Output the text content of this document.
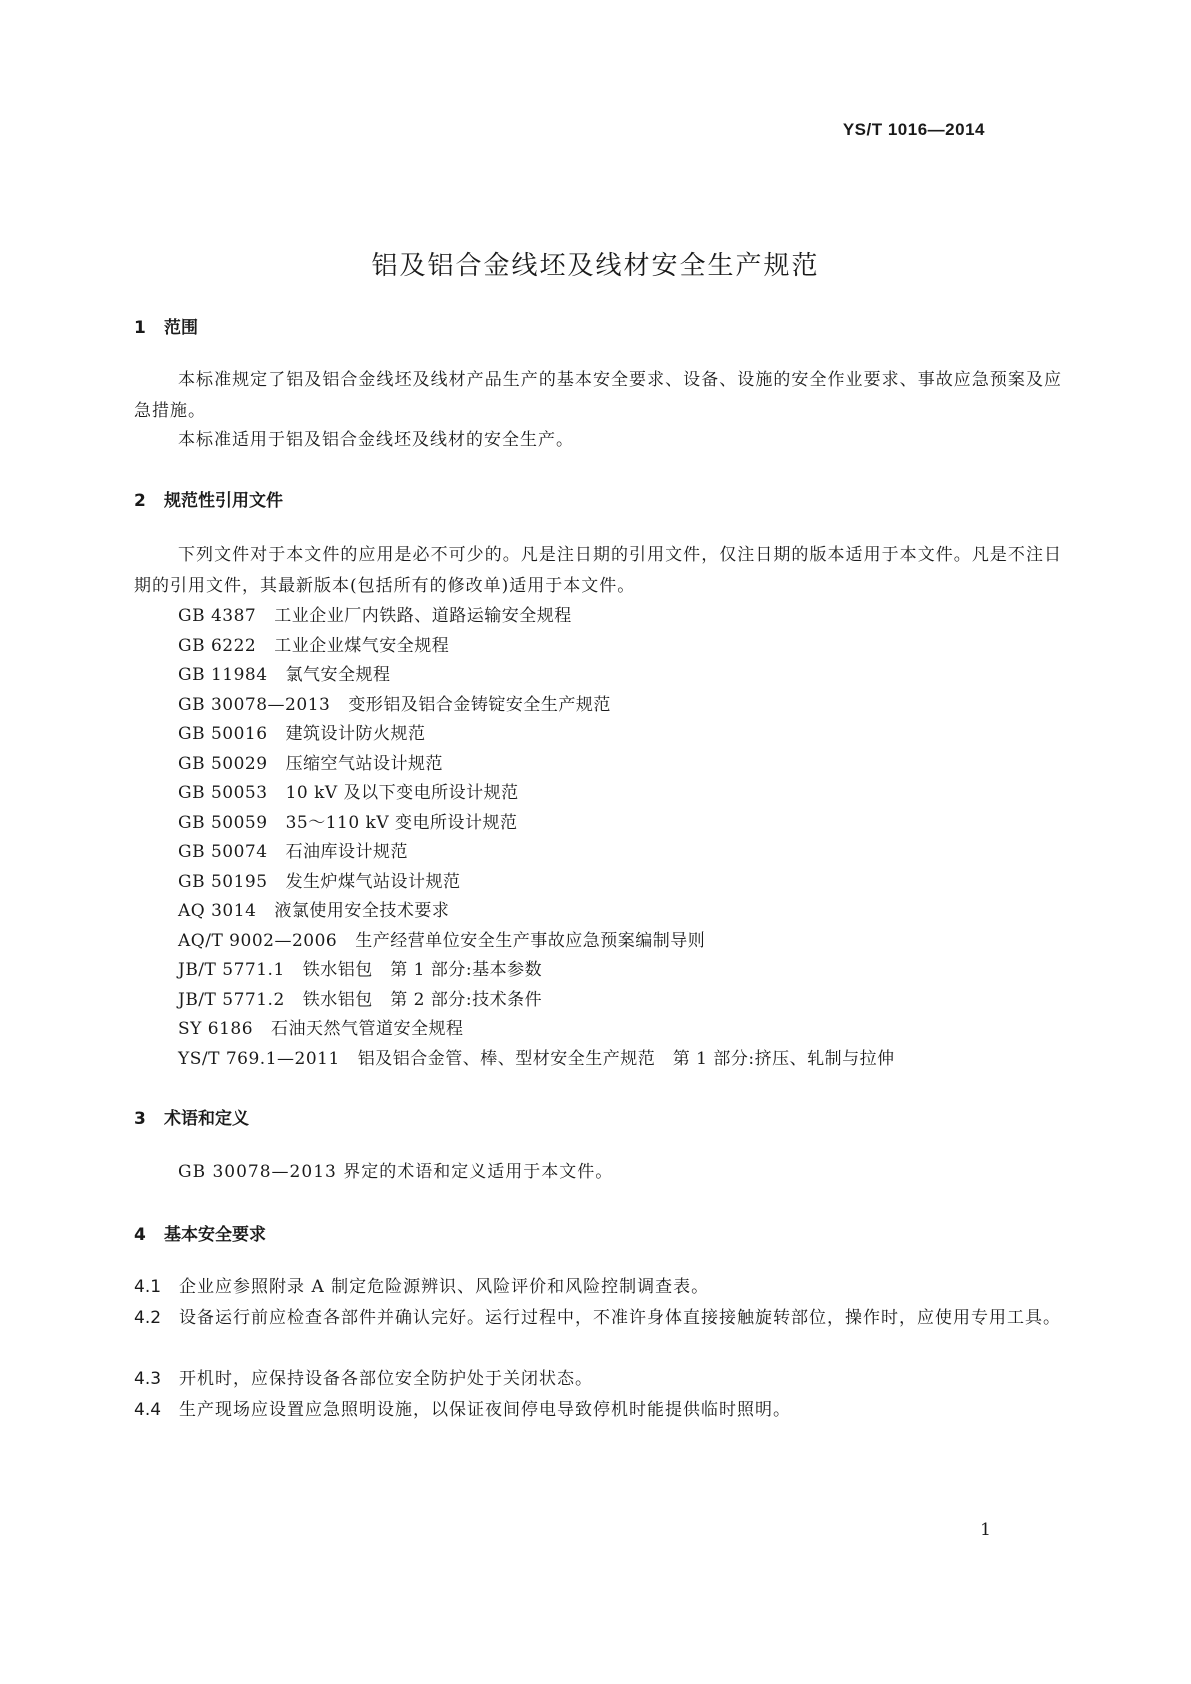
YS/T 1016—2014
铝及铝合金线坯及线材安全生产规范
1 范围

本标准规定了铝及铝合金线坯及线材产品生产的基本安全要求、设备、设施的安全作业要求、事故应急预案及应急措施。

本标准适用于铝及铝合金线坯及线材的安全生产。

2 规范性引用文件

下列文件对于本文件的应用是必不可少的。凡是注日期的引用文件，仅注日期的版本适用于本文件。凡是不注日期的引用文件，其最新版本(包括所有的修改单)适用于本文件。

GB 4387 工业企业厂内铁路、道路运输安全规程
GB 6222 工业企业煤气安全规程
GB 11984 氯气安全规程
GB 30078—2013 变形铝及铝合金铸锭安全生产规范
GB 50016 建筑设计防火规范
GB 50029 压缩空气站设计规范
GB 50053 10 kV 及以下变电所设计规范
GB 50059 35～110 kV 变电所设计规范
GB 50074 石油库设计规范
GB 50195 发生炉煤气站设计规范
AQ 3014 液氯使用安全技术要求
AQ/T 9002—2006 生产经营单位安全生产事故应急预案编制导则
JB/T 5771.1 铁水铝包　第 1 部分:基本参数
JB/T 5771.2 铁水铝包　第 2 部分:技术条件
SY 6186 石油天然气管道安全规程
YS/T 769.1—2011 铝及铝合金管、棒、型材安全生产规范　第 1 部分:挤压、轧制与拉伸
3 术语和定义

GB 30078—2013 界定的术语和定义适用于本文件。

4 基本安全要求

4.1 企业应参照附录 A 制定危险源辨识、风险评价和风险控制调查表。

4.2 设备运行前应检查各部件并确认完好。运行过程中，不准许身体直接接触旋转部位，操作时，应使用专用工具。

4.3 开机时，应保持设备各部位安全防护处于关闭状态。

4.4 生产现场应设置应急照明设施，以保证夜间停电导致停机时能提供临时照明。

1
